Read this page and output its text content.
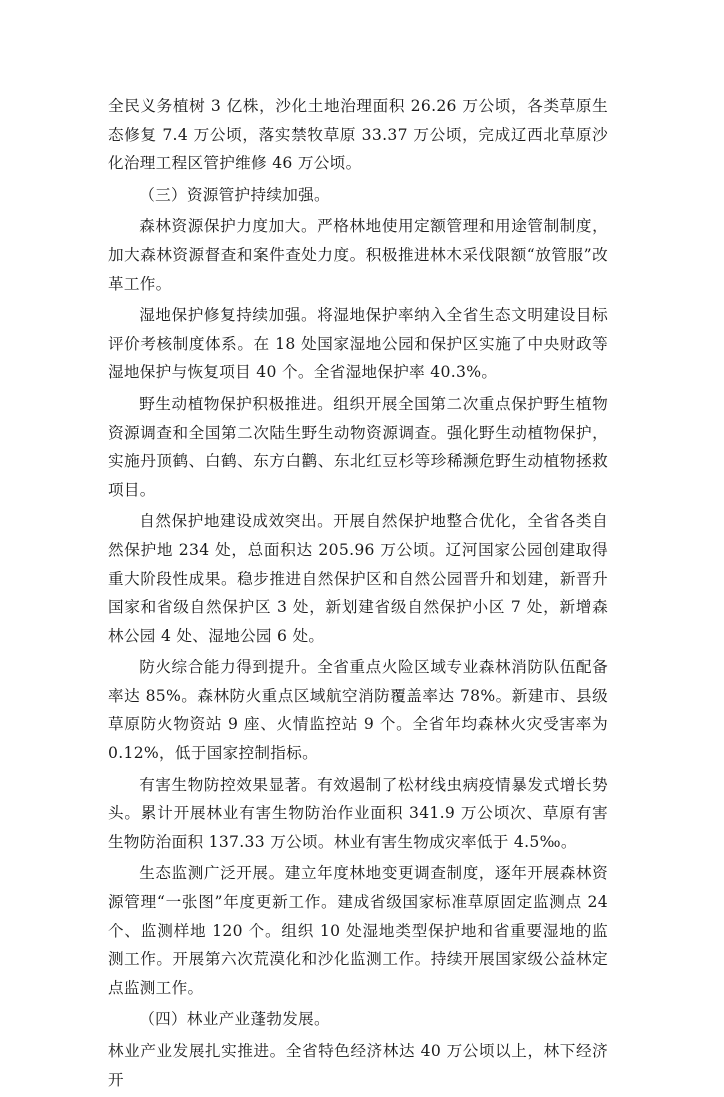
全民义务植树 3 亿株，沙化土地治理面积 26.26 万公顷，各类草原生态修复 7.4 万公顷，落实禁牧草原 33.37 万公顷，完成辽西北草原沙化治理工程区管护维修 46 万公顷。

（三）资源管护持续加强。

森林资源保护力度加大。严格林地使用定额管理和用途管制制度，加大森林资源督查和案件查处力度。积极推进林木采伐限额“放管服”改革工作。

湿地保护修复持续加强。将湿地保护率纳入全省生态文明建设目标评价考核制度体系。在 18 处国家湿地公园和保护区实施了中央财政等湿地保护与恢复项目 40 个。全省湿地保护率 40.3%。

野生动植物保护积极推进。组织开展全国第二次重点保护野生植物资源调查和全国第二次陆生野生动物资源调查。强化野生动植物保护，实施丹顶鹤、白鹤、东方白鹳、东北红豆杉等珍稀濒危野生动植物拯救项目。

自然保护地建设成效突出。开展自然保护地整合优化，全省各类自然保护地 234 处，总面积达 205.96 万公顷。辽河国家公园创建取得重大阶段性成果。稳步推进自然保护区和自然公园晋升和划建，新晋升国家和省级自然保护区 3 处，新划建省级自然保护小区 7 处，新增森林公园 4 处、湿地公园 6 处。

防火综合能力得到提升。全省重点火险区域专业森林消防队伍配备率达 85%。森林防火重点区域航空消防覆盖率达 78%。新建市、县级草原防火物资站 9 座、火情监控站 9 个。全省年均森林火灾受害率为 0.12%，低于国家控制指标。

有害生物防控效果显著。有效遏制了松材线虫病疫情暴发式增长势头。累计开展林业有害生物防治作业面积 341.9 万公顷次、草原有害生物防治面积 137.33 万公顷。林业有害生物成灾率低于 4.5‰。

生态监测广泛开展。建立年度林地变更调查制度，逐年开展森林资源管理“一张图”年度更新工作。建成省级国家标准草原固定监测点 24 个、监测样地 120 个。组织 10 处湿地类型保护地和省重要湿地的监测工作。开展第六次荒漠化和沙化监测工作。持续开展国家级公益林定点监测工作。

（四）林业产业蓬勃发展。

林业产业发展扎实推进。全省特色经济林达 40 万公顷以上，林下经济开
